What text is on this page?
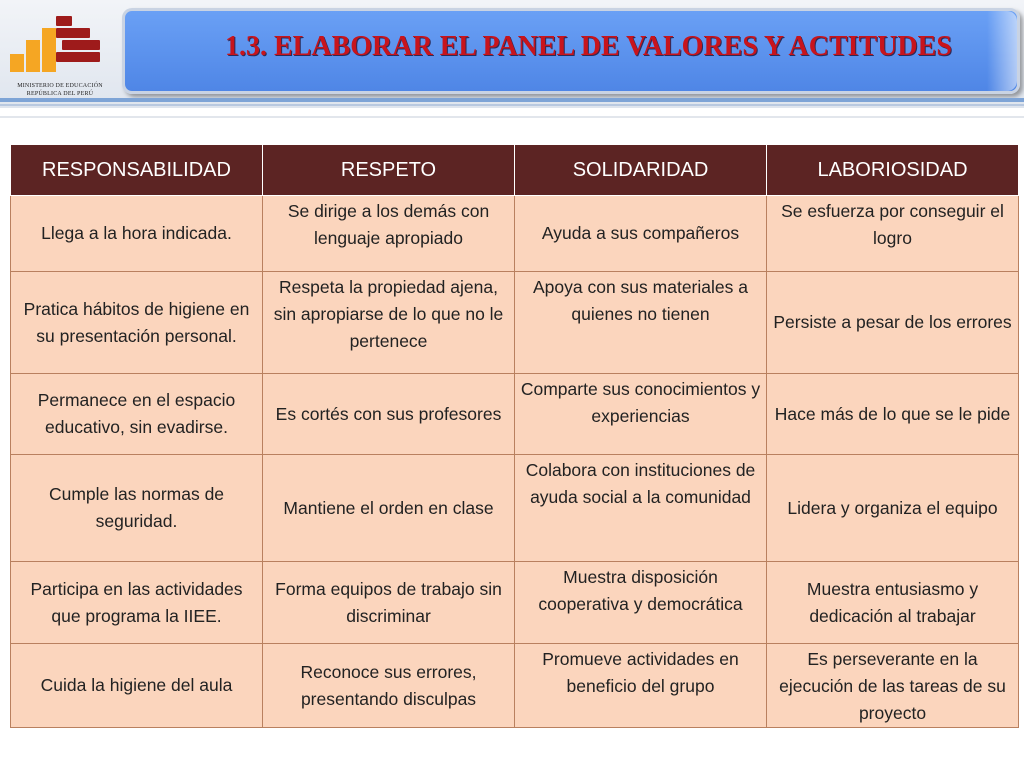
MINISTERIO DE EDUCACIÓN
REPÚBLICA DEL PERÚ
1.3. ELABORAR EL PANEL DE VALORES Y ACTITUDES
RESPONSABILIDAD	RESPETO	SOLIDARIDAD	LABORIOSIDAD
Llega a la hora indicada.	Se dirige a los demás con lenguaje apropiado	Ayuda a sus compañeros	Se esfuerza por conseguir el logro
Pratica hábitos de higiene en su presentación personal.	Respeta la propiedad ajena, sin apropiarse de lo que no le pertenece	Apoya con sus materiales a quienes no tienen	Persiste a pesar de los errores
Permanece en el espacio educativo, sin evadirse.	Es cortés con sus profesores	Comparte sus conocimientos y experiencias	Hace más de lo que se le pide
Cumple las normas de seguridad.	Mantiene el orden en clase	Colabora con instituciones de ayuda social a la comunidad	Lidera y organiza el equipo
Participa en las actividades que programa la IIEE.	Forma equipos de trabajo sin discriminar	Muestra disposición cooperativa y democrática	Muestra entusiasmo y dedicación al trabajar
Cuida la higiene del aula	Reconoce sus errores, presentando disculpas	Promueve actividades en beneficio del grupo	Es perseverante en la ejecución de las tareas de su proyecto
